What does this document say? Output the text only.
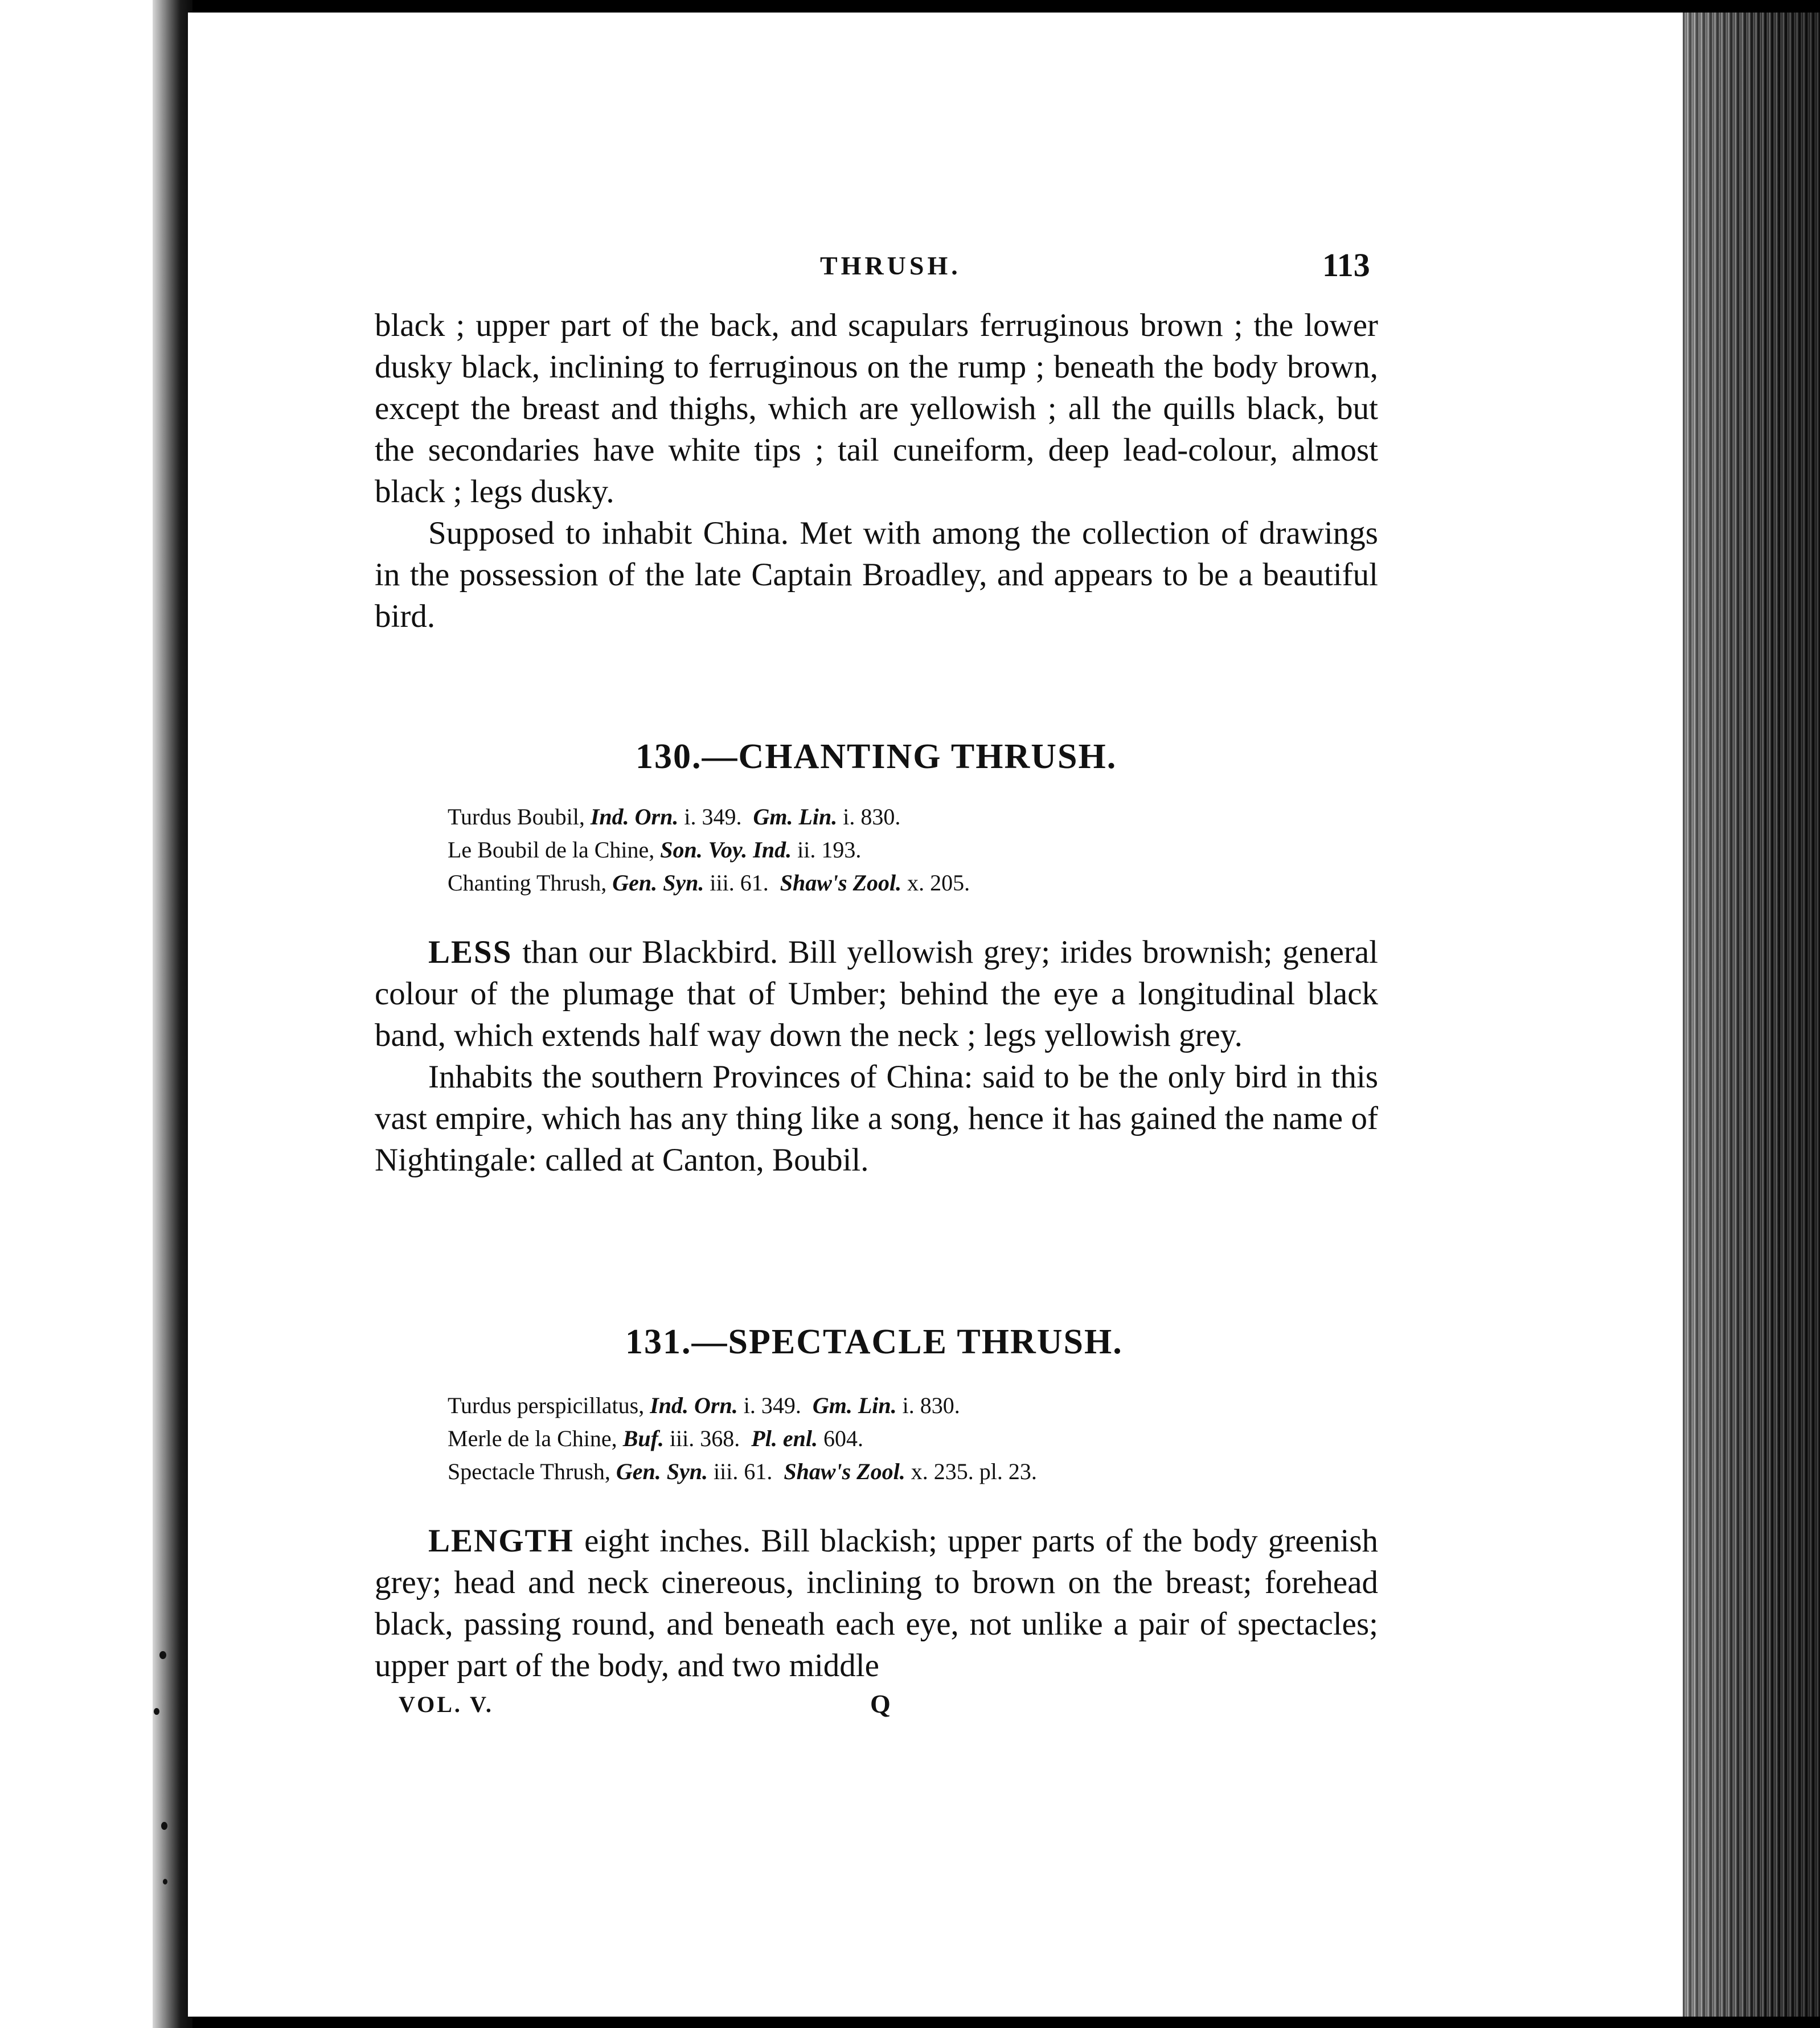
THRUSH.	113

black ; upper part of the back, and scapulars ferruginous brown ; the lower dusky black, inclining to ferruginous on the rump ; beneath the body brown, except the breast and thighs, which are yellowish ; all the quills black, but the secondaries have white tips ; tail cuneiform, deep lead-colour, almost black ; legs dusky.

Supposed to inhabit China. Met with among the collection of drawings in the possession of the late Captain Broadley, and appears to be a beautiful bird.

130.—CHANTING THRUSH.
Turdus Boubil, Ind. Orn. i. 349. Gm. Lin. i. 830.
Le Boubil de la Chine, Son. Voy. Ind. ii. 193.
Chanting Thrush, Gen. Syn. iii. 61. Shaw's Zool. x. 205.

LESS than our Blackbird. Bill yellowish grey; irides brownish; general colour of the plumage that of Umber; behind the eye a longitudinal black band, which extends half way down the neck ; legs yellowish grey.

Inhabits the southern Provinces of China: said to be the only bird in this vast empire, which has any thing like a song, hence it has gained the name of Nightingale: called at Canton, Boubil.

131.—SPECTACLE THRUSH.
Turdus perspicillatus, Ind. Orn. i. 349. Gm. Lin. i. 830.
Merle de la Chine, Buf. iii. 368. Pl. enl. 604.
Spectacle Thrush, Gen. Syn. iii. 61. Shaw's Zool. x. 235. pl. 23.

LENGTH eight inches. Bill blackish; upper parts of the body greenish grey; head and neck cinereous, inclining to brown on the breast; forehead black, passing round, and beneath each eye, not unlike a pair of spectacles; upper part of the body, and two middle

VOL. V.	Q
